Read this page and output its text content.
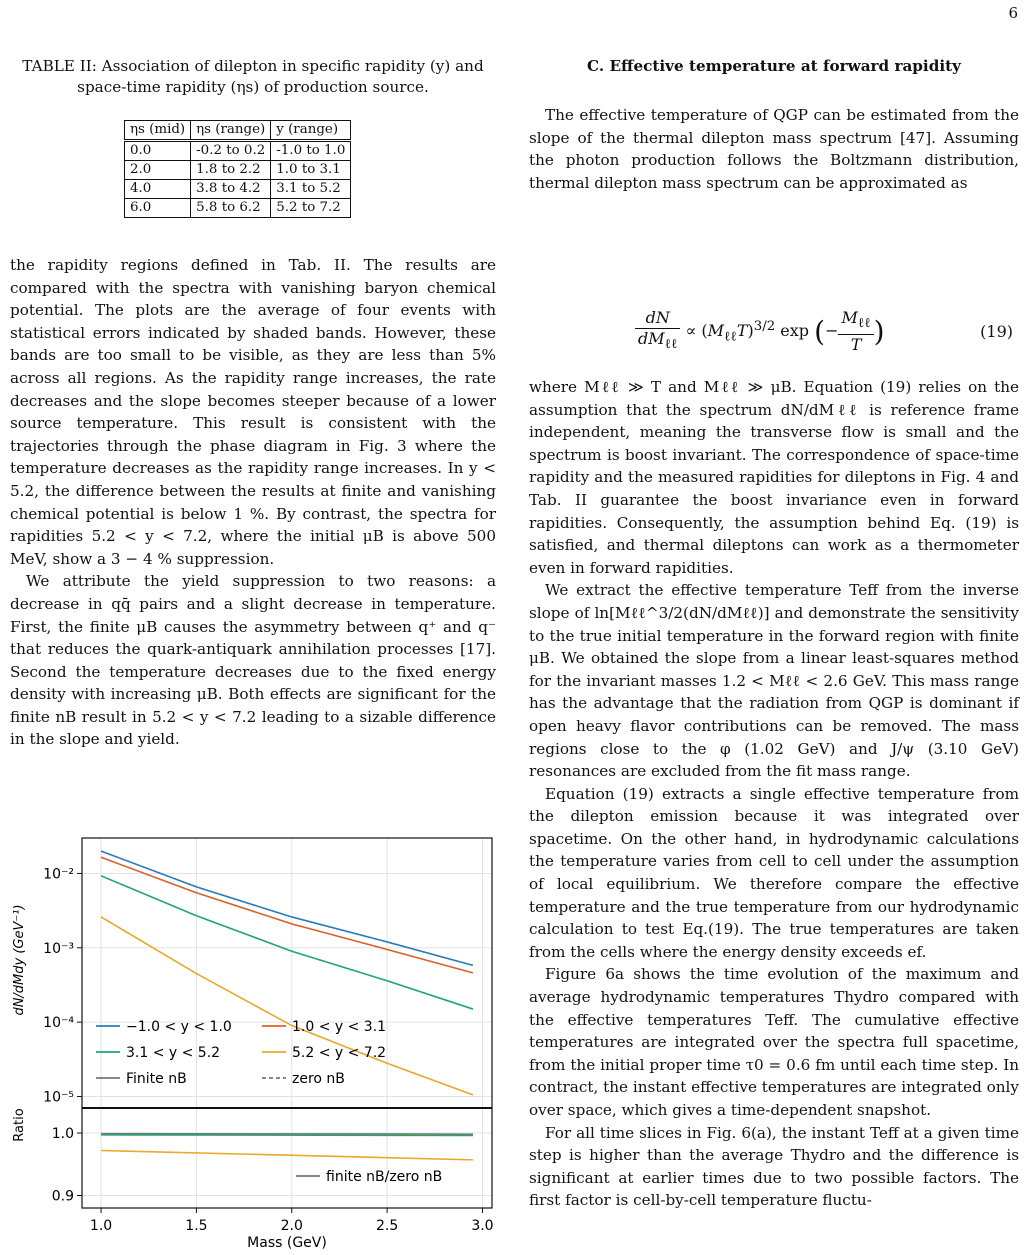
6
TABLE II: Association of dilepton in specific rapidity (y) and space-time rapidity (ηs) of production source.
ηs (mid)	ηs (range)	y (range)
0.0	-0.2 to 0.2	-1.0 to 1.0
2.0	1.8 to 2.2	1.0 to 3.1
4.0	3.8 to 4.2	3.1 to 5.2
6.0	5.8 to 6.2	5.2 to 7.2

the rapidity regions defined in Tab. II. The results are compared with the spectra with vanishing baryon chemical potential. The plots are the average of four events with statistical errors indicated by shaded bands. However, these bands are too small to be visible, as they are less than 5% across all regions. As the rapidity range increases, the rate decreases and the slope becomes steeper because of a lower source temperature. This result is consistent with the trajectories through the phase diagram in Fig. 3 where the temperature decreases as the rapidity range increases. In y < 5.2, the difference between the results at finite and vanishing chemical potential is below 1 %. By contrast, the spectra for rapidities 5.2 < y < 7.2, where the initial μB is above 500 MeV, show a 3 − 4 % suppression.

We attribute the yield suppression to two reasons: a decrease in qq̄ pairs and a slight decrease in temperature. First, the finite μB causes the asymmetry between q⁺ and q⁻ that reduces the quark-antiquark annihilation processes [17]. Second the temperature decreases due to the fixed energy density with increasing μB. Both effects are significant for the finite nB result in 5.2 < y < 7.2 leading to a sizable difference in the slope and yield.

C. Effective temperature at forward rapidity

The effective temperature of QGP can be estimated from the slope of the thermal dilepton mass spectrum [47]. Assuming the photon production follows the Boltzmann distribution, thermal dilepton mass spectrum can be approximated as

$\frac{dN}{dM_{\ell\ell}} \propto (M_{\ell\ell}T)^{3/2}$ exp (− $\frac{M_{\ell\ell}}{T}$ )	(19)

where Mℓℓ ≫ T and Mℓℓ ≫ μB. Equation (19) relies on the assumption that the spectrum dN/dMℓℓ is reference frame independent, meaning the transverse flow is small and the spectrum is boost invariant. The correspondence of space-time rapidity and the measured rapidities for dileptons in Fig. 4 and Tab. II guarantee the boost invariance even in forward rapidities. Consequently, the assumption behind Eq. (19) is satisfied, and thermal dileptons can work as a thermometer even in forward rapidities.

We extract the effective temperature Teff from the inverse slope of ln[Mℓℓ^3/2(dN/dMℓℓ)] and demonstrate the sensitivity to the true initial temperature in the forward region with finite μB. We obtained the slope from a linear least-squares method for the invariant masses 1.2 < Mℓℓ < 2.6 GeV. This mass range has the advantage that the radiation from QGP is dominant if open heavy flavor contributions can be removed. The mass regions close to the φ (1.02 GeV) and J/ψ (3.10 GeV) resonances are excluded from the fit mass range.

Equation (19) extracts a single effective temperature from the dilepton emission because it was integrated over spacetime. On the other hand, in hydrodynamic calculations the temperature varies from cell to cell under the assumption of local equilibrium. We therefore compare the effective temperature and the true temperature from our hydrodynamic calculation to test Eq.(19). The true temperatures are taken from the cells where the energy density exceeds ef.

Figure 6a shows the time evolution of the maximum and average hydrodynamic temperatures Thydro compared with the effective temperatures Teff. The cumulative effective temperatures are integrated over the spectra full spacetime, from the initial proper time τ0 = 0.6 fm until each time step. In contract, the instant effective temperatures are integrated only over space, which gives a time-dependent snapshot.

For all time slices in Fig. 6(a), the instant Teff at a given time step is higher than the average Thydro and the difference is significant at earlier times due to two possible factors. The first factor is cell-by-cell temperature fluctu-

1.0	1.5	2.0	2.5	3.0
10⁻⁵
10⁻⁴
10⁻³
10⁻²
0.9
1.0
−1.0 < y < 1.0	1.0 < y < 3.1
3.1 < y < 5.2	5.2 < y < 7.2
Finite nB	zero nB
finite nB/zero nB
Mass (GeV)
dN/dMdy (GeV⁻¹)
Ratio
